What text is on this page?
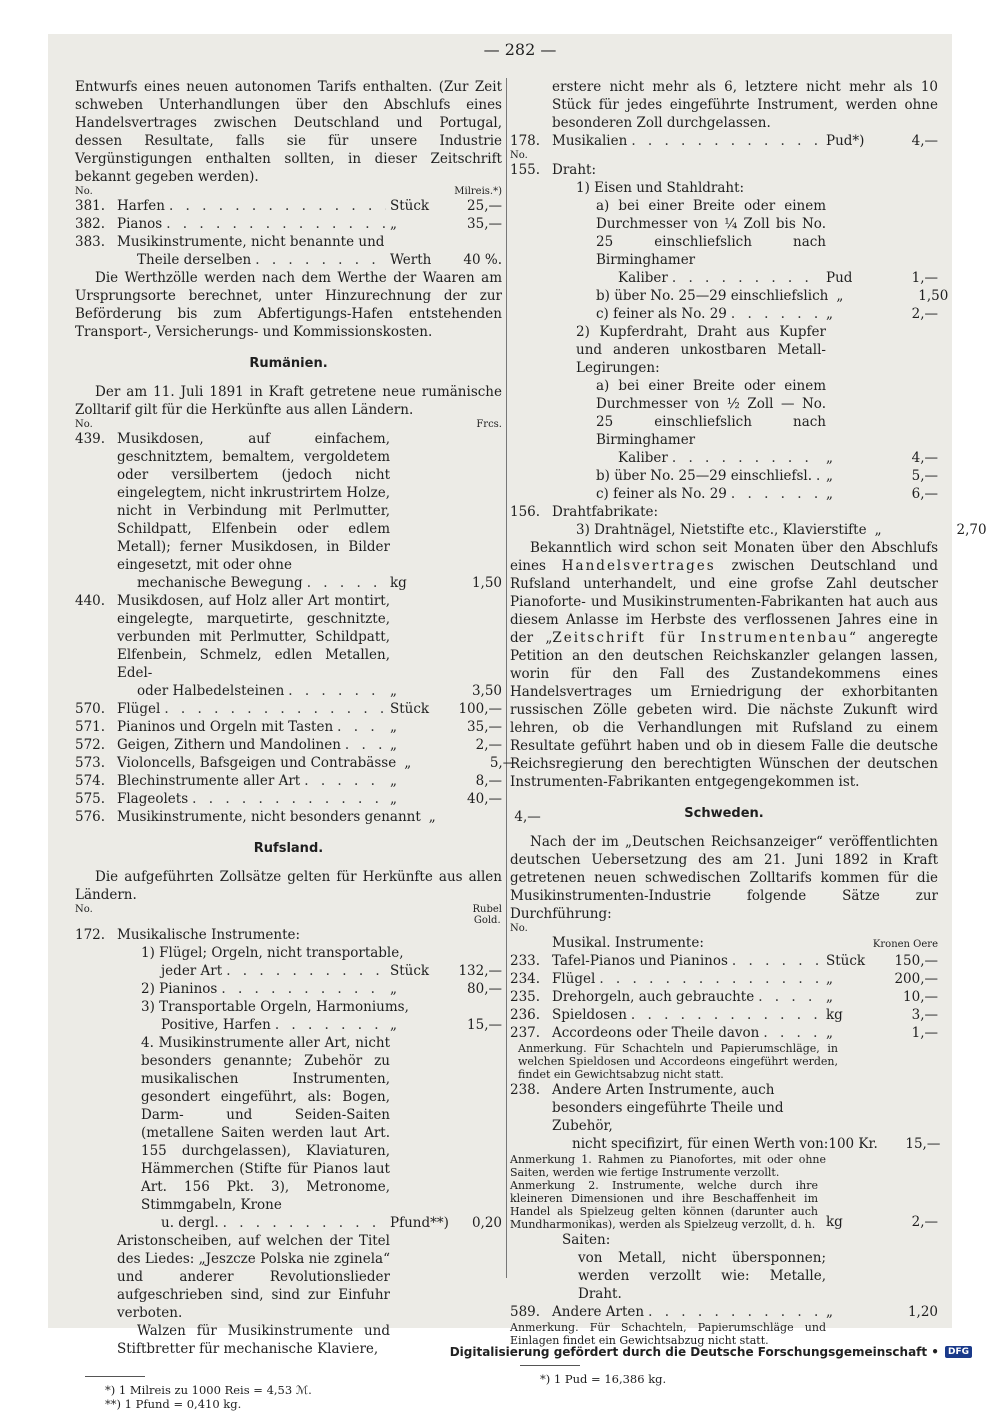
— 282 —

Entwurfs eines neuen autonomen Tarifs enthalten. (Zur Zeit schweben Unterhandlungen über den Abschlufs eines Handelsvertrages zwischen Deutschland und Portugal, dessen Resultate, falls sie für unsere Industrie Vergünstigungen enthalten sollten, in dieser Zeitschrift bekannt gegeben werden).

No.	Milreis.*)
381. Harfen . . .	Stück	25,—
382. Pianos . . .	„	35,—
383. Musikinstrumente, nicht benannte und
Theile derselben . . .	Werth	40 %.

Die Werthzölle werden nach dem Werthe der Waaren am Ursprungsorte berechnet, unter Hinzurechnung der zur Beförderung bis zum Abfertigungs-Hafen entstehenden Transport-, Versicherungs- und Kommissionskosten.

Rumänien.

Der am 11. Juli 1891 in Kraft getretene neue rumänische Zolltarif gilt für die Herkünfte aus allen Ländern.

No.	Frcs.
439. Musikdosen, auf einfachem, geschnitztem, bemaltem, vergoldetem oder versilbertem (jedoch nicht eingelegtem, nicht inkrustrirtem Holze, nicht in Verbindung mit Perlmutter, Schildpatt, Elfenbein oder edlem Metall); ferner Musikdosen, in Bilder eingesetzt, mit oder ohne
mechanische Bewegung . . .	kg	1,50
440. Musikdosen, auf Holz aller Art montirt, eingelegte, marquetirte, geschnitzte, verbunden mit Perlmutter, Schildpatt, Elfenbein, Schmelz, edlen Metallen, Edel-
oder Halbedelsteinen . . .	„	3,50
570. Flügel . . .	Stück	100,—
571. Pianinos und Orgeln mit Tasten . . .	„	35,—
572. Geigen, Zithern und Mandolinen . . .	„	2,—
573. Violoncells, Bafsgeigen und Contrabässe „	5,—
574. Blechinstrumente aller Art . . .	„	8,—
575. Flageolets . . .	„	40,—
576. Musikinstrumente, nicht besonders genannt „	4,—
Rufsland.

Die aufgeführten Zollsätze gelten für Herkünfte aus allen Ländern.

No.	Rubel
Gold.
172. Musikalische Instrumente:
1) Flügel; Orgeln, nicht transportable,
jeder Art . . .	Stück	132,—
2) Pianinos . . .	„	80,—
3) Transportable Orgeln, Harmoniums,
Positive, Harfen . . .	„	15,—

4. Musikinstrumente aller Art, nicht besonders genannte; Zubehör zu musikalischen Instrumenten, gesondert eingeführt, als: Bogen, Darm- und Seiden-Saiten (metallene Saiten werden laut Art. 155 durchgelassen), Klaviaturen, Hämmerchen (Stifte für Pianos laut Art. 156 Pkt. 3), Metronome, Stimmgabeln, Krone

u. dergl. . . .	Pfund**)	0,20

Aristonscheiben, auf welchen der Titel des Liedes: „Jeszcze Polska nie zginela“ und anderer Revolutionslieder aufgeschrieben sind, sind zur Einfuhr verboten.

Walzen für Musikinstrumente und Stiftbretter für mechanische Klaviere,

*) 1 Milreis zu 1000 Reis = 4,53 ℳ.
**) 1 Pfund = 0,410 kg.

erstere nicht mehr als 6, letztere nicht mehr als 10 Stück für jedes eingeführte Instrument, werden ohne besonderen Zoll durchgelassen.

178. Musikalien . . .	Pud*)	4,—
No.
155. Draht:
1) Eisen und Stahldraht:

a) bei einer Breite oder einem Durchmesser von ¼ Zoll bis No. 25 einschliefslich nach Birminghamer

Kaliber . . .	Pud	1,—
b) über No. 25—29 einschliefslich „	1,50
c) feiner als No. 29 . . .	„	2,—

2) Kupferdraht, Draht aus Kupfer und anderen unkostbaren Metall-Legirungen:

a) bei einer Breite oder einem Durchmesser von ½ Zoll — No. 25 einschliefslich nach Birminghamer

Kaliber . . .	„	4,—
b) über No. 25—29 einschliefsl. . . . „	5,—
c) feiner als No. 29 . . .	„	6,—
156. Drahtfabrikate:
3) Drahtnägel, Nietstifte etc., Klavierstifte „	2,70

Bekanntlich wird schon seit Monaten über den Abschlufs eines Handelsvertrages zwischen Deutschland und Rufsland unterhandelt, und eine grofse Zahl deutscher Pianoforte- und Musikinstrumenten-Fabrikanten hat auch aus diesem Anlasse im Herbste des verflossenen Jahres eine in der „Zeitschrift für Instrumentenbau“ angeregte Petition an den deutschen Reichskanzler gelangen lassen, worin für den Fall des Zustandekommens eines Handelsvertrages um Erniedrigung der exhorbitanten russischen Zölle gebeten wird. Die nächste Zukunft wird lehren, ob die Verhandlungen mit Rufsland zu einem Resultate geführt haben und ob in diesem Falle die deutsche Reichsregierung den berechtigten Wünschen der deutschen Instrumenten-Fabrikanten entgegengekommen ist.

Schweden.

Nach der im „Deutschen Reichsanzeiger“ veröffentlichten deutschen Uebersetzung des am 21. Juni 1892 in Kraft getretenen neuen schwedischen Zolltarifs kommen für die Musikinstrumenten-Industrie folgende Sätze zur Durchführung:

No.
Musikal. Instrumente:	Kronen Oere
233. Tafel-Pianos und Pianinos . . .	Stück	150,—
234. Flügel . . .	„	200,—
235. Drehorgeln, auch gebrauchte . . .	„	10,—
236. Spieldosen . . .	kg	3,—
237. Accordeons oder Theile davon . . .	„	1,—

Anmerkung. Für Schachteln und Papierumschläge, in welchen Spieldosen und Accordeons eingeführt werden, findet ein Gewichtsabzug nicht statt.

238. Andere Arten Instrumente, auch besonders eingeführte Theile und Zubehör,
nicht specifizirt, für einen Werth von: 100 Kr.	15,—

Anmerkung 1. Rahmen zu Pianofortes, mit oder ohne Saiten, werden wie fertige Instrumente verzollt.

Anmerkung 2. Instrumente, welche durch ihre kleineren Dimensionen und ihre Beschaffenheit im Handel als Spielzeug gelten können (darunter auch Mundharmonikas), werden als Spielzeug verzollt, d. h. kg	2,—
Saiten:

von Metall, nicht übersponnen; werden verzollt wie: Metalle, Draht.

589. Andere Arten . . .	„	1,20

Anmerkung. Für Schachteln, Papierumschläge und Einlagen findet ein Gewichtsabzug nicht statt.

*) 1 Pud = 16,386 kg.
Digitalisierung gefördert durch die Deutsche Forschungsgemeinschaft •	DFG
